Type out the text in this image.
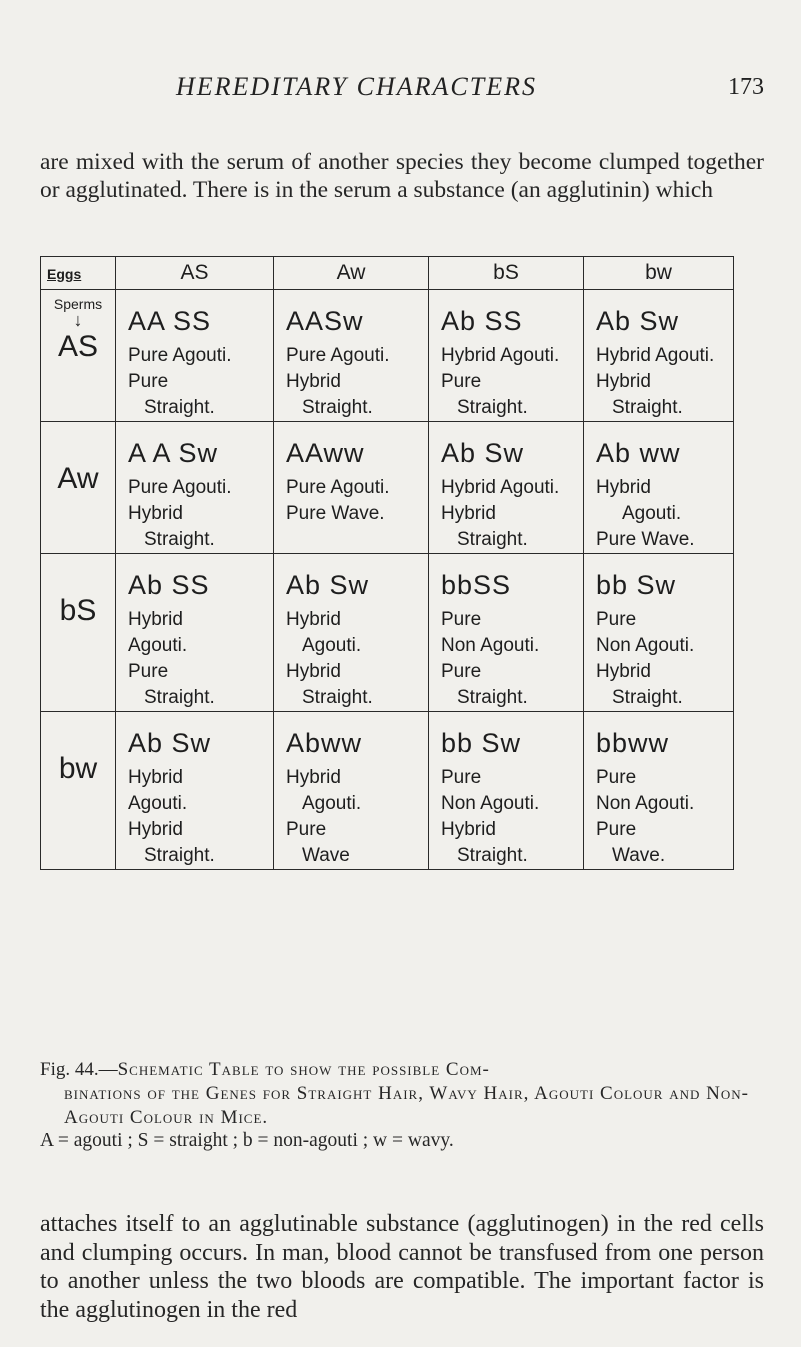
HEREDITARY CHARACTERS	173

are mixed with the serum of another species they become clumped together or agglutinated. There is in the serum a substance (an agglutinin) which

Eggs	AS	Aw	bS	bw

Sperms
↓
AS	AA SS
Pure Agouti.
Pure
Straight.	AASw
Pure Agouti.
Hybrid
Straight.	Ab SS
Hybrid Agouti.
Pure
Straight.	Ab Sw
Hybrid Agouti.
Hybrid
Straight.

Aw	A A Sw
Pure Agouti.
Hybrid
Straight.	AAww
Pure Agouti.
Pure Wave.	Ab Sw
Hybrid Agouti.
Hybrid
Straight.	Ab ww
Hybrid
Agouti.
Pure Wave.

bS	Ab SS
Hybrid
Agouti.
Pure
Straight.	Ab Sw
Hybrid
Agouti.
Hybrid
Straight.	bbSS
Pure
Non Agouti.
Pure
Straight.	bb Sw
Pure
Non Agouti.
Hybrid
Straight.

bw	Ab Sw
Hybrid
Agouti.
Hybrid
Straight.	Abww
Hybrid
Agouti.
Pure
Wave	bb Sw
Pure
Non Agouti.
Hybrid
Straight.	bbww
Pure
Non Agouti.
Pure
Wave.
Fig. 44.—Schematic Table to show the possible Com-
binations of the Genes for Straight Hair, Wavy Hair, Agouti Colour and Non-Agouti Colour in Mice.
A = agouti ; S = straight ; b = non-agouti ; w = wavy.

attaches itself to an agglutinable substance (agglutinogen) in the red cells and clumping occurs. In man, blood cannot be transfused from one person to another unless the two bloods are compatible. The important factor is the agglutinogen in the red
